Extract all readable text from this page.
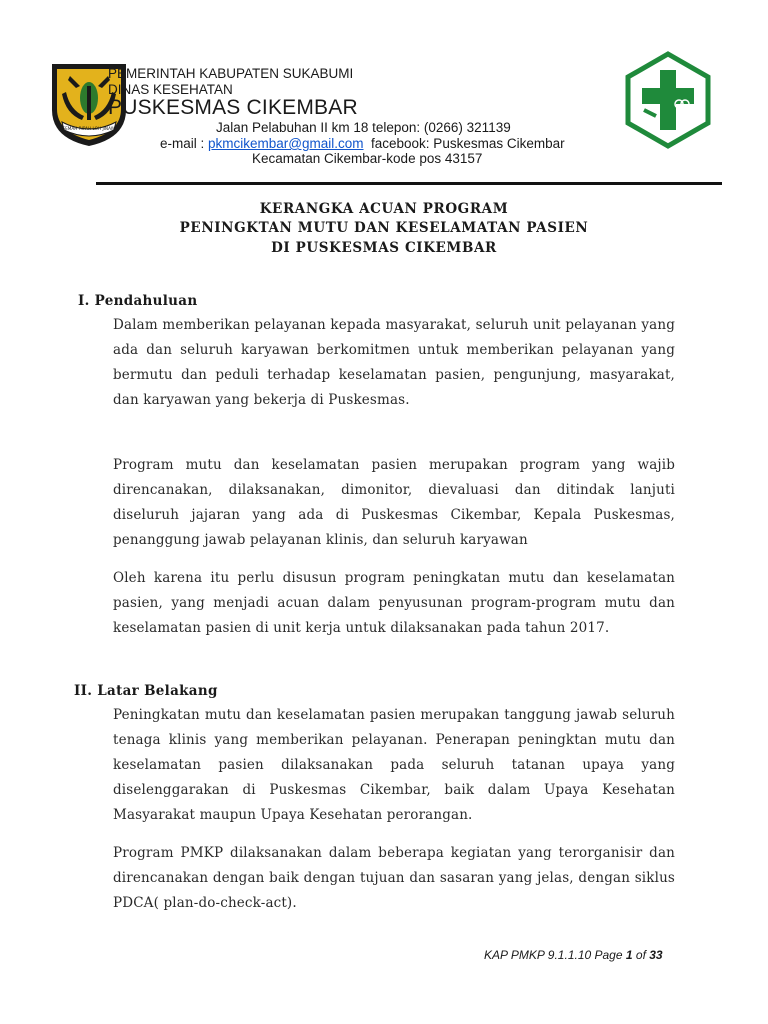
GEMAH RIPAH LOH JINAWI
PEMERINTAH KABUPATEN SUKABUMI
DINAS KESEHATAN
PUSKESMAS CIKEMBAR
Jalan Pelabuhan II km 18 telepon: (0266) 321139
e-mail : pkmcikembar@gmail.com  facebook: Puskesmas Cikembar
Kecamatan Cikembar-kode pos 43157
KERANGKA ACUAN PROGRAM
PENINGKTAN MUTU DAN KESELAMATAN PASIEN
DI PUSKESMAS CIKEMBAR
I. Pendahuluan
Dalam memberikan pelayanan kepada masyarakat, seluruh unit pelayanan yang ada dan seluruh karyawan berkomitmen untuk memberikan pelayanan yang bermutu dan peduli terhadap keselamatan pasien, pengunjung, masyarakat, dan karyawan yang bekerja di Puskesmas.
Program mutu dan keselamatan pasien merupakan program yang wajib direncanakan, dilaksanakan, dimonitor, dievaluasi dan ditindak lanjuti diseluruh jajaran yang ada di Puskesmas Cikembar, Kepala Puskesmas, penanggung jawab pelayanan klinis, dan seluruh karyawan
Oleh karena itu perlu disusun program peningkatan mutu dan keselamatan pasien, yang menjadi acuan dalam penyusunan program-program mutu dan keselamatan pasien di unit kerja untuk dilaksanakan pada tahun 2017.
II. Latar Belakang
Peningkatan mutu dan keselamatan pasien merupakan tanggung jawab seluruh tenaga klinis yang memberikan pelayanan. Penerapan peningktan mutu dan keselamatan pasien dilaksanakan pada seluruh tatanan upaya yang diselenggarakan di Puskesmas Cikembar, baik dalam Upaya Kesehatan Masyarakat maupun Upaya Kesehatan perorangan.
Program PMKP dilaksanakan dalam beberapa kegiatan yang terorganisir dan direncanakan dengan baik dengan tujuan dan sasaran yang jelas, dengan siklus PDCA( plan-do-check-act).
KAP PMKP 9.1.1.10 Page 1 of 33
